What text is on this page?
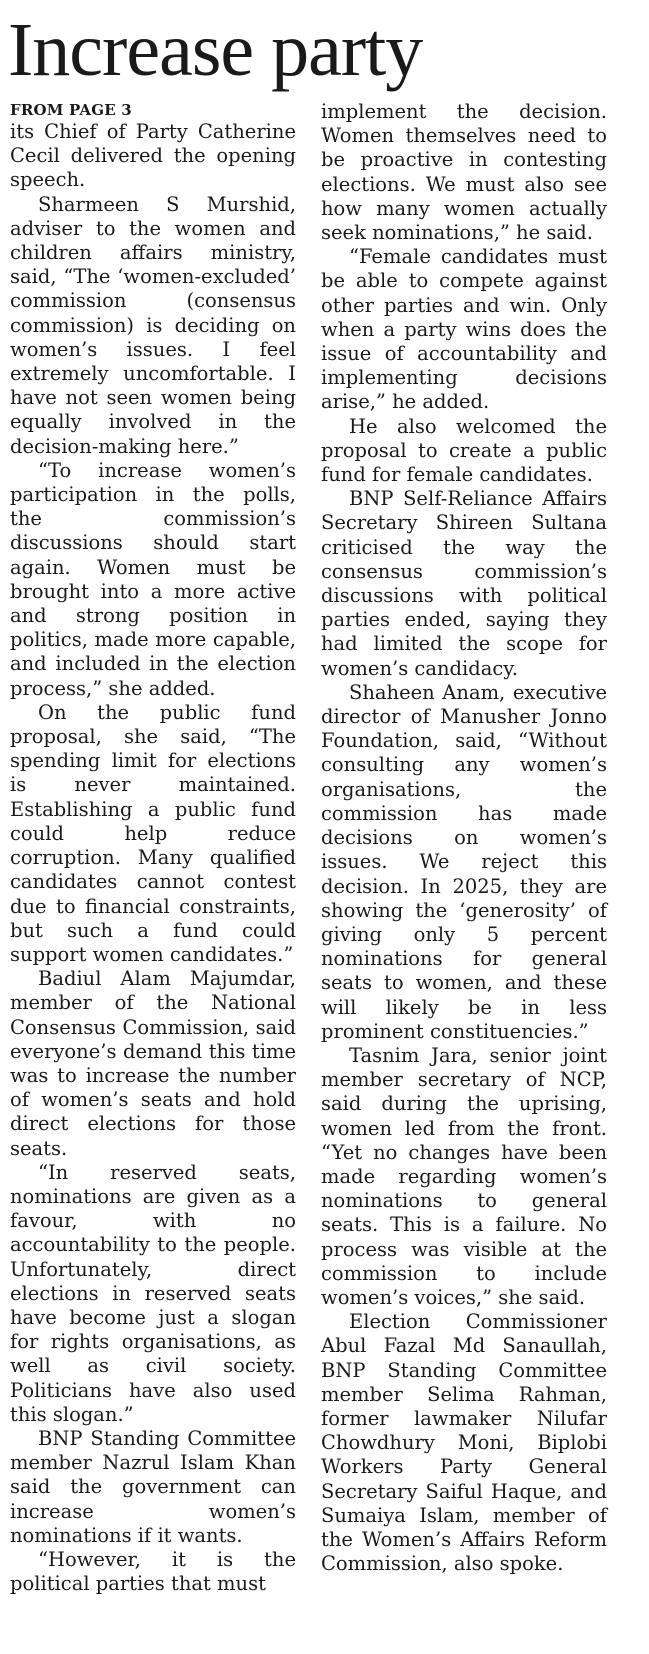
Increase party

FROM PAGE 3

its Chief of Party Catherine Cecil delivered the opening speech.

Sharmeen S Murshid, adviser to the women and children affairs ministry, said, “The ‘women-excluded’ commission (consensus commission) is deciding on women’s issues. I feel extremely uncomfortable. I have not seen women being equally involved in the decision-making here.”

“To increase women’s participation in the polls, the commission’s discussions should start again. Women must be brought into a more active and strong position in politics, made more capable, and included in the election process,” she added.

On the public fund proposal, she said, “The spending limit for elections is never maintained. Establishing a public fund could help reduce corruption. Many qualified candidates cannot contest due to financial constraints, but such a fund could support women candidates.”

Badiul Alam Majumdar, member of the National Consensus Commission, said everyone’s demand this time was to increase the number of women’s seats and hold direct elections for those seats.

“In reserved seats, nominations are given as a favour, with no accountability to the people. Unfortunately, direct elections in reserved seats have become just a slogan for rights organisations, as well as civil society. Politicians have also used this slogan.”

BNP Standing Committee member Nazrul Islam Khan said the government can increase women’s nominations if it wants.

“However, it is the political parties that must

implement the decision. Women themselves need to be proactive in contesting elections. We must also see how many women actually seek nominations,” he said.

“Female candidates must be able to compete against other parties and win. Only when a party wins does the issue of accountability and implementing decisions arise,” he added.

He also welcomed the proposal to create a public fund for female candidates.

BNP Self-Reliance Affairs Secretary Shireen Sultana criticised the way the consensus commission’s discussions with political parties ended, saying they had limited the scope for women’s candidacy.

Shaheen Anam, executive director of Manusher Jonno Foundation, said, “Without consulting any women’s organisations, the commission has made decisions on women’s issues. We reject this decision. In 2025, they are showing the ‘generosity’ of giving only 5 percent nominations for general seats to women, and these will likely be in less prominent constituencies.”

Tasnim Jara, senior joint member secretary of NCP, said during the uprising, women led from the front. “Yet no changes have been made regarding women’s nominations to general seats. This is a failure. No process was visible at the commission to include women’s voices,” she said.

Election Commissioner Abul Fazal Md Sanaullah, BNP Standing Committee member Selima Rahman, former lawmaker Nilufar Chowdhury Moni, Biplobi Workers Party General Secretary Saiful Haque, and Sumaiya Islam, member of the Women’s Affairs Reform Commission, also spoke.
